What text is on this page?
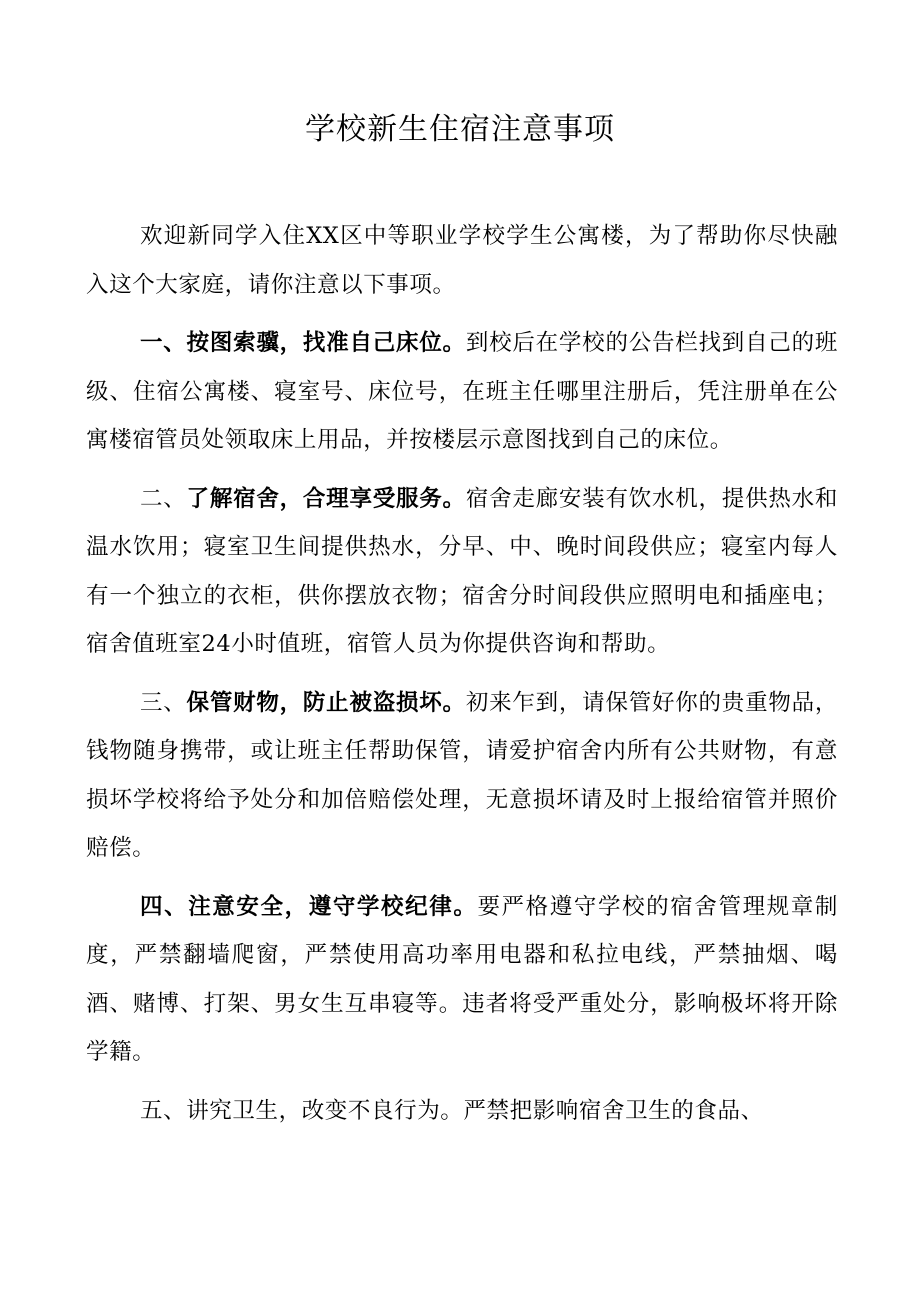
学校新生住宿注意事项

欢迎新同学入住XX区中等职业学校学生公寓楼，为了帮助你尽快融入这个大家庭，请你注意以下事项。

一、按图索骥，找准自己床位。到校后在学校的公告栏找到自己的班级、住宿公寓楼、寝室号、床位号，在班主任哪里注册后，凭注册单在公寓楼宿管员处领取床上用品，并按楼层示意图找到自己的床位。

二、了解宿舍，合理享受服务。宿舍走廊安装有饮水机，提供热水和温水饮用；寝室卫生间提供热水，分早、中、晚时间段供应；寝室内每人有一个独立的衣柜，供你摆放衣物；宿舍分时间段供应照明电和插座电；宿舍值班室24小时值班，宿管人员为你提供咨询和帮助。

三、保管财物，防止被盗损坏。初来乍到，请保管好你的贵重物品，钱物随身携带，或让班主任帮助保管，请爱护宿舍内所有公共财物，有意损坏学校将给予处分和加倍赔偿处理，无意损坏请及时上报给宿管并照价赔偿。

四、注意安全，遵守学校纪律。要严格遵守学校的宿舍管理规章制度，严禁翻墙爬窗，严禁使用高功率用电器和私拉电线，严禁抽烟、喝酒、赌博、打架、男女生互串寝等。违者将受严重处分，影响极坏将开除学籍。

五、讲究卫生，改变不良行为。严禁把影响宿舍卫生的食品、
